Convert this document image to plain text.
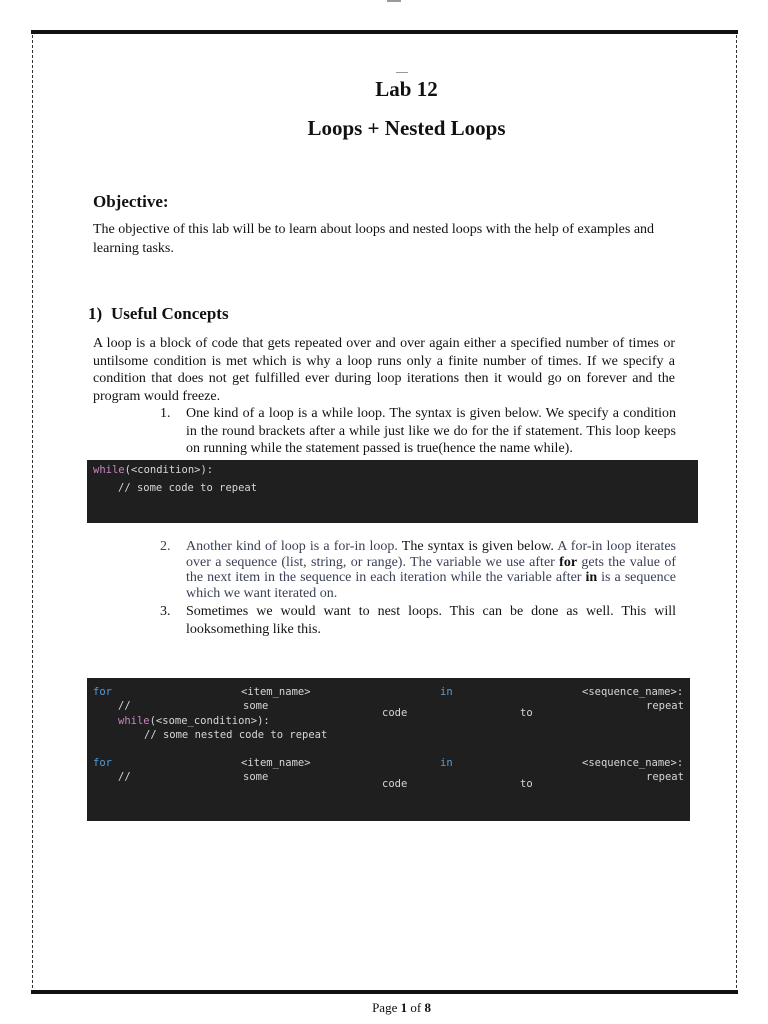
Lab 12
Loops + Nested Loops
Objective:
The objective of this lab will be to learn about loops and nested loops with the help of examples and learning tasks.
1) Useful Concepts
A loop is a block of code that gets repeated over and over again either a specified number of times or untilsome condition is met which is why a loop runs only a finite number of times. If we specify a condition that does not get fulfilled ever during loop iterations then it would go on forever and the program would freeze.
1.	One kind of a loop is a while loop. The syntax is given below. We specify a condition in the round brackets after a while just like we do for the if statement. This loop keeps on running while the statement passed is true(hence the name while).
while(<condition>):
// some code to repeat
2.	Another kind of loop is a for-in loop. The syntax is given below. A for-in loop iterates over a sequence (list, string, or range). The variable we use after for gets the value of the next item in the sequence in each iteration while the variable after in is a sequence which we want iterated on.
3.	Sometimes we would want to nest loops. This can be done as well. This will looksomething like this.
for	<item_name>	in	<sequence_name>:
//	some
code	to
repeat
while(<some_condition>):
// some nested code to repeat
for	<item_name>	in	<sequence_name>:
//	some
code	to
repeat
Page 1 of 8
